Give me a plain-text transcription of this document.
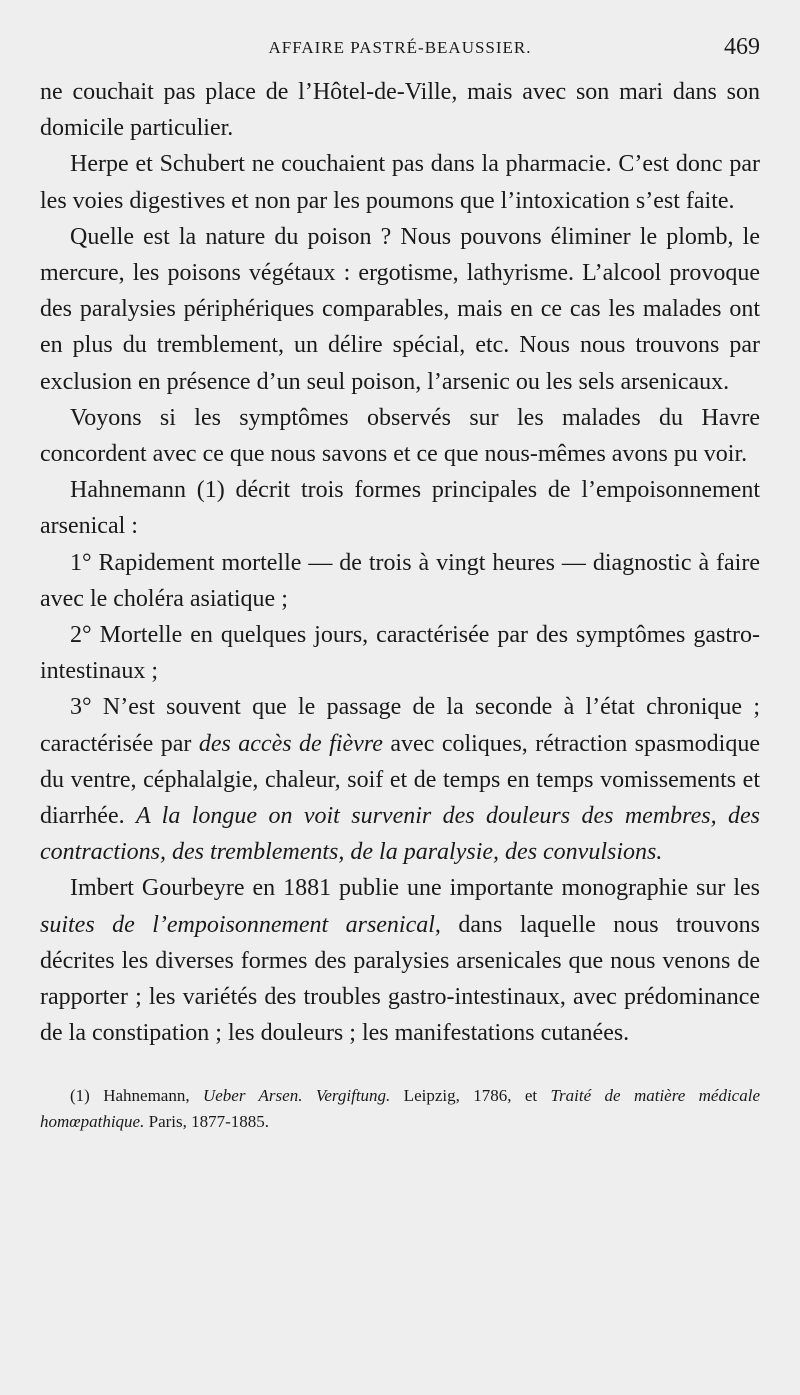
AFFAIRE PASTRÉ-BEAUSSIER.	469

ne couchait pas place de l’Hôtel-de-Ville, mais avec son mari dans son domicile particulier.

Herpe et Schubert ne couchaient pas dans la pharmacie. C’est donc par les voies digestives et non par les poumons que l’intoxication s’est faite.

Quelle est la nature du poison ? Nous pouvons éliminer le plomb, le mercure, les poisons végétaux : ergotisme, lathyrisme. L’alcool provoque des paralysies périphériques comparables, mais en ce cas les malades ont en plus du tremblement, un délire spécial, etc. Nous nous trouvons par exclusion en présence d’un seul poison, l’arsenic ou les sels arsenicaux.

Voyons si les symptômes observés sur les malades du Havre concordent avec ce que nous savons et ce que nous-mêmes avons pu voir.

Hahnemann (1) décrit trois formes principales de l’empoisonnement arsenical :

1° Rapidement mortelle — de trois à vingt heures — diagnostic à faire avec le choléra asiatique ;

2° Mortelle en quelques jours, caractérisée par des symptômes gastro-intestinaux ;

3° N’est souvent que le passage de la seconde à l’état chronique ; caractérisée par des accès de fièvre avec coliques, rétraction spasmodique du ventre, céphalalgie, chaleur, soif et de temps en temps vomissements et diarrhée. A la longue on voit survenir des douleurs des membres, des contractions, des tremblements, de la paralysie, des convulsions.

Imbert Gourbeyre en 1881 publie une importante monographie sur les suites de l’empoisonnement arsenical, dans laquelle nous trouvons décrites les diverses formes des paralysies arsenicales que nous venons de rapporter ; les variétés des troubles gastro-intestinaux, avec prédominance de la constipation ; les douleurs ; les manifestations cutanées.

(1) Hahnemann, Ueber Arsen. Vergiftung. Leipzig, 1786, et Traité de matière médicale homœpathique. Paris, 1877-1885.
